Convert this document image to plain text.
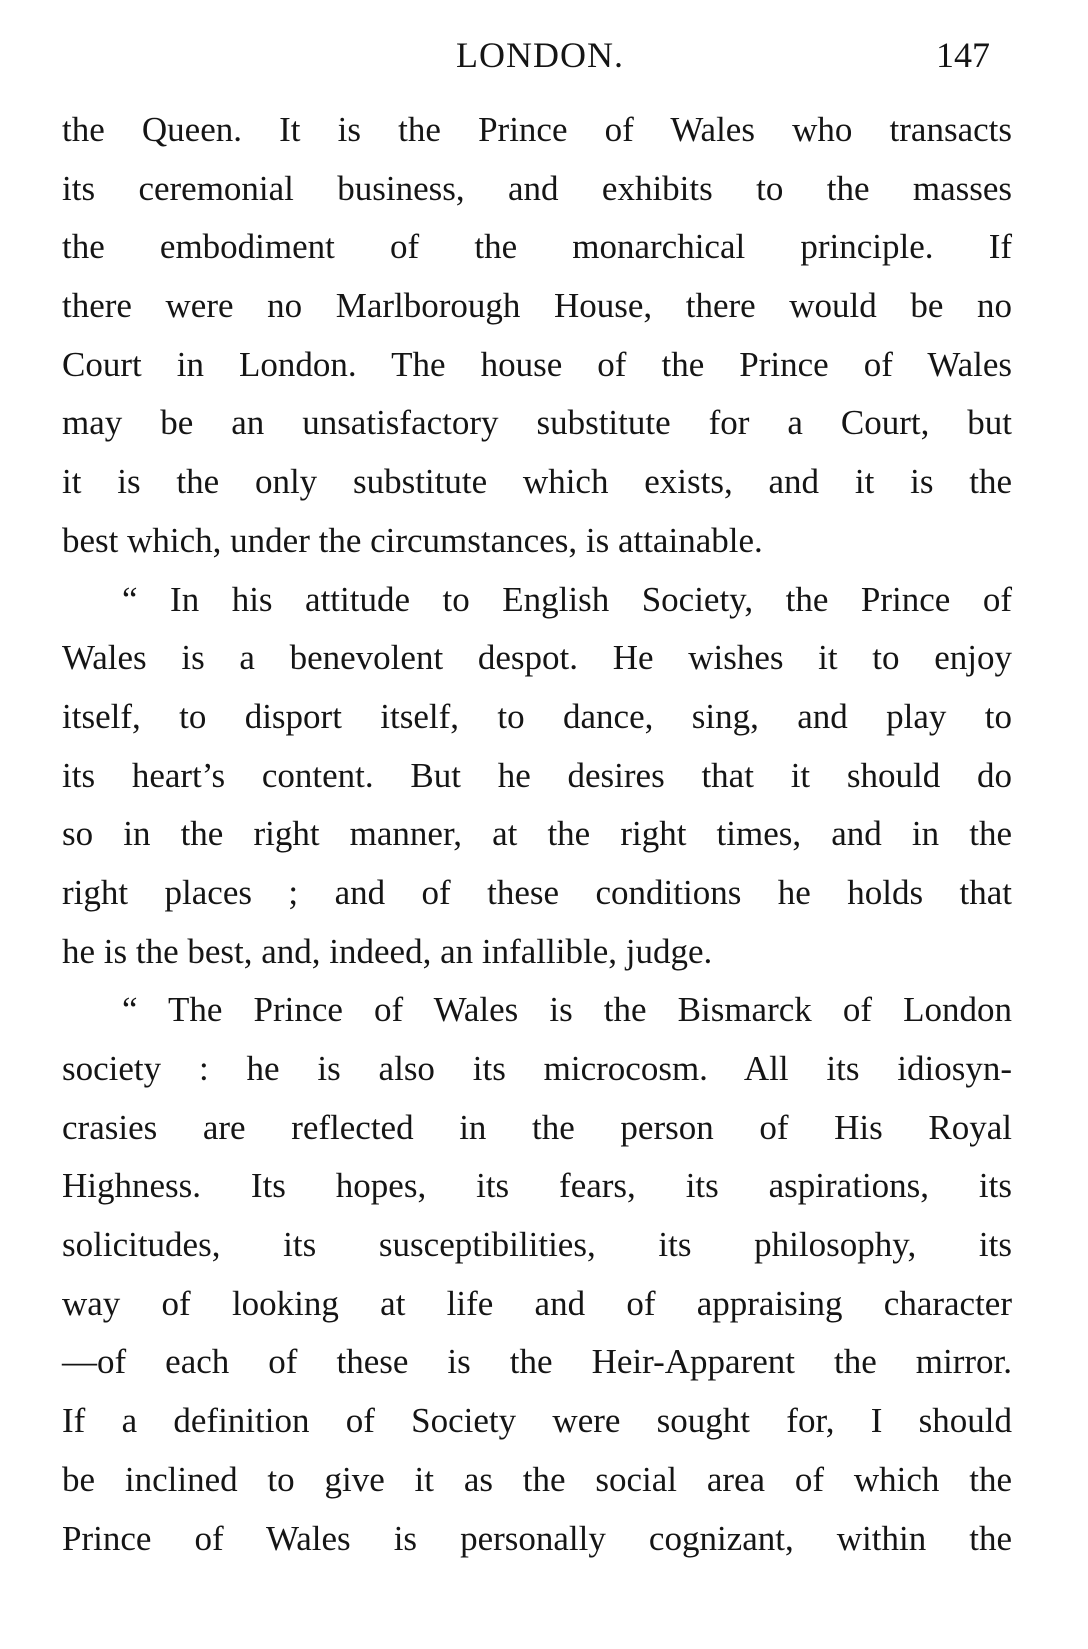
LONDON.	147
the Queen. It is the Prince of Wales who transacts
its ceremonial business, and exhibits to the masses
the embodiment of the monarchical principle. If
there were no Marlborough House, there would be no
Court in London. The house of the Prince of Wales
may be an unsatisfactory substitute for a Court, but
it is the only substitute which exists, and it is the
best which, under the circumstances, is attainable.
“ In his attitude to English Society, the Prince of
Wales is a benevolent despot. He wishes it to enjoy
itself, to disport itself, to dance, sing, and play to
its heart’s content. But he desires that it should do
so in the right manner, at the right times, and in the
right places ; and of these conditions he holds that
he is the best, and, indeed, an infallible, judge.
“ The Prince of Wales is the Bismarck of London
society : he is also its microcosm. All its idiosyn-
crasies are reflected in the person of His Royal
Highness. Its hopes, its fears, its aspirations, its
solicitudes, its susceptibilities, its philosophy, its
way of looking at life and of appraising character
—of each of these is the Heir-Apparent the mirror.
If a definition of Society were sought for, I should
be inclined to give it as the social area of which the
Prince of Wales is personally cognizant, within the
